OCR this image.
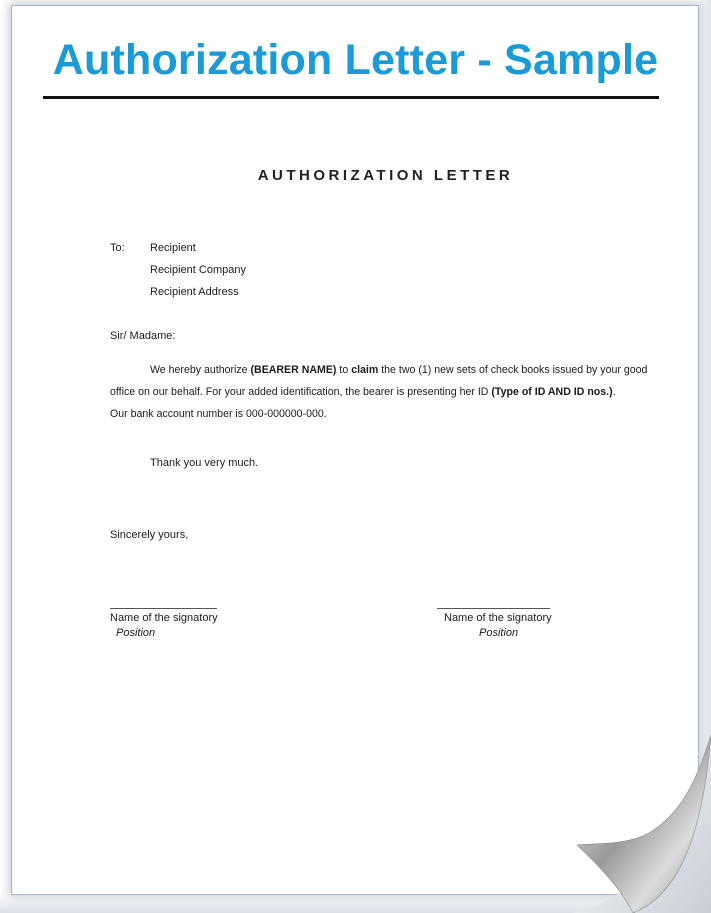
Authorization Letter - Sample
AUTHORIZATION LETTER
To: Recipient
Recipient Company
Recipient Address
Sir/ Madame:
We hereby authorize (BEARER NAME) to claim the two (1) new sets of check books issued by your good
office on our behalf. For your added identification, the bearer is presenting her ID (Type of ID AND ID nos.).
Our bank account number is 000-000000-000.
Thank you very much.
Sincerely yours,
Name of the signatory
Position
Name of the signatory
Position
